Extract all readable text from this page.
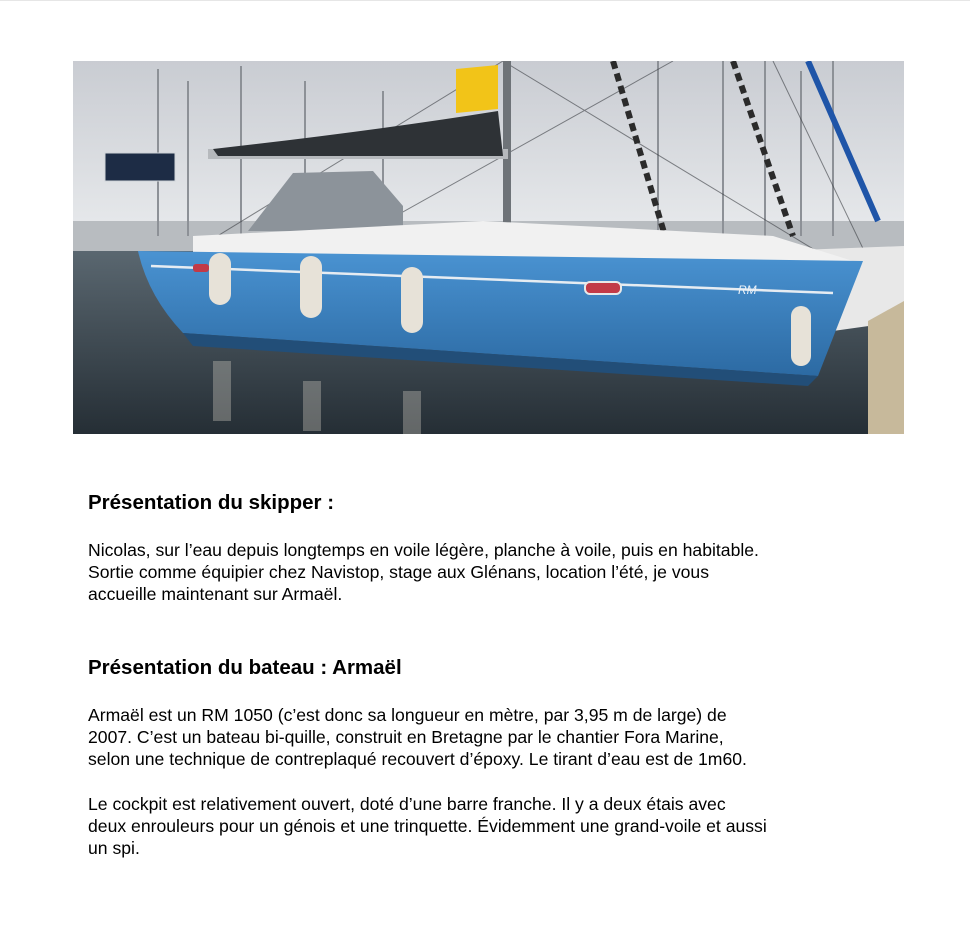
RM
Présentation du skipper :

Nicolas, sur l’eau depuis longtemps en voile légère, planche à voile, puis en habitable.
Sortie comme équipier chez Navistop, stage aux Glénans, location l’été, je vous
accueille maintenant sur Armaël.

Présentation du bateau : Armaël

Armaël est un RM 1050 (c’est donc sa longueur en mètre, par 3,95 m de large) de
2007. C’est un bateau bi-quille, construit en Bretagne par le chantier Fora Marine,
selon une technique de contreplaqué recouvert d’époxy. Le tirant d’eau est de 1m60.

Le cockpit est relativement ouvert, doté d’une barre franche. Il y a deux étais avec
deux enrouleurs pour un génois et une trinquette. Évidemment une grand-voile et aussi
un spi.
